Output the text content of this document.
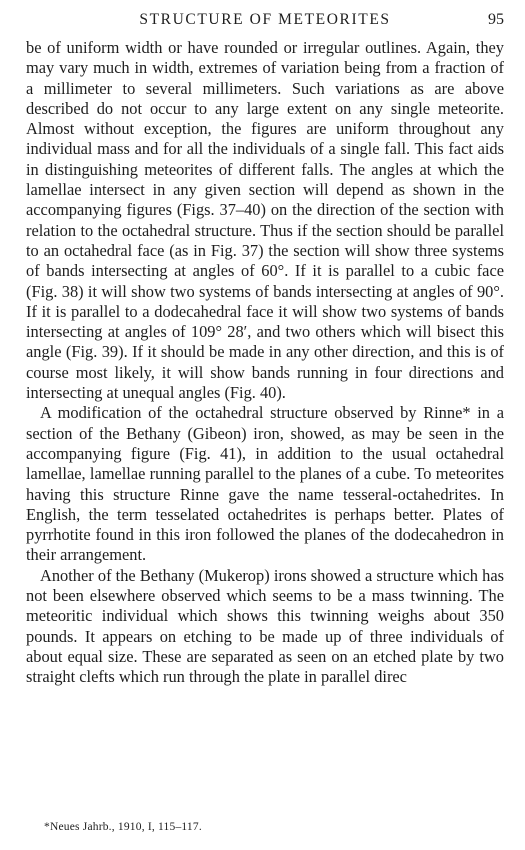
STRUCTURE OF METEORITES	95

be of uniform width or have rounded or irregular outlines. Again, they may vary much in width, extremes of variation being from a fraction of a millimeter to several millimeters. Such variations as are above described do not occur to any large extent on any single meteorite. Almost without exception, the figures are uniform throughout any individual mass and for all the individuals of a single fall. This fact aids in distinguishing meteorites of different falls. The angles at which the lamellae intersect in any given section will depend as shown in the accompanying figures (Figs. 37–40) on the direction of the section with relation to the octahedral structure. Thus if the section should be parallel to an octahedral face (as in Fig. 37) the section will show three systems of bands intersecting at angles of 60°. If it is parallel to a cubic face (Fig. 38) it will show two systems of bands intersecting at angles of 90°. If it is parallel to a dodecahedral face it will show two systems of bands intersecting at angles of 109° 28′, and two others which will bisect this angle (Fig. 39). If it should be made in any other direction, and this is of course most likely, it will show bands running in four directions and intersecting at unequal angles (Fig. 40).

A modification of the octahedral structure observed by Rinne* in a section of the Bethany (Gibeon) iron, showed, as may be seen in the accompanying figure (Fig. 41), in addition to the usual octahedral lamellae, lamellae running parallel to the planes of a cube. To meteorites having this structure Rinne gave the name tesseral-octahedrites. In English, the term tesselated octahedrites is perhaps better. Plates of pyrrhotite found in this iron followed the planes of the dodecahedron in their arrangement.

Another of the Bethany (Mukerop) irons showed a structure which has not been elsewhere observed which seems to be a mass twinning. The meteoritic individual which shows this twinning weighs about 350 pounds. It appears on etching to be made up of three individuals of about equal size. These are separated as seen on an etched plate by two straight clefts which run through the plate in parallel direc

*Neues Jahrb., 1910, I, 115–117.
